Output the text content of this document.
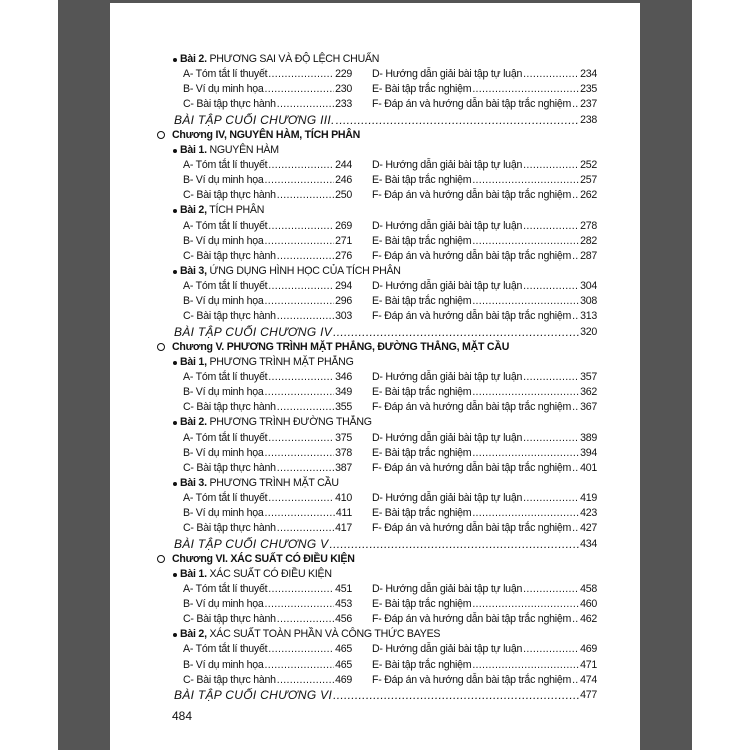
Bài 2. PHƯƠNG SAI VÀ ĐỘ LỆCH CHUẨN
A- Tóm tắt lí thuyết .....	229 D- Hướng dẫn giải bài tập tự luận .....	234
B- Ví dụ minh họa .....	230 E- Bài tập trắc nghiệm .....	235
C- Bài tập thực hành .....	233 F- Đáp án và hướng dẫn bài tập trắc nghiệm ..... 237
BÀI TẬP CUỐI CHƯƠNG III. .....	238
Chương IV, NGUYÊN HÀM, TÍCH PHÂN
Bài 1. NGUYÊN HÀM
A- Tóm tắt lí thuyết .....	244 D- Hướng dẫn giải bài tập tự luận .....	252
B- Ví dụ minh họa .....	246 E- Bài tập trắc nghiệm .....	257
C- Bài tập thực hành .....	250 F- Đáp án và hướng dẫn bài tập trắc nghiệm ..... 262
Bài 2, TÍCH PHÂN
A- Tóm tắt lí thuyết .....	269 D- Hướng dẫn giải bài tập tự luận .....	278
B- Ví dụ minh họa .....	271 E- Bài tập trắc nghiệm .....	282
C- Bài tập thực hành .....	276 F- Đáp án và hướng dẫn bài tập trắc nghiệm ..... 287
Bài 3, ỨNG DỤNG HÌNH HỌC CỦA TÍCH PHÂN
A- Tóm tắt lí thuyết .....	294 D- Hướng dẫn giải bài tập tự luận .....	304
B- Ví dụ minh họa .....	296 E- Bài tập trắc nghiệm .....	308
C- Bài tập thực hành .....	303 F- Đáp án và hướng dẫn bài tập trắc nghiệm ..... 313
BÀI TẬP CUỐI CHƯƠNG IV .....	320
Chương V. PHƯƠNG TRÌNH MẶT PHẲNG, ĐƯỜNG THẲNG, MẶT CẦU
Bài 1, PHƯƠNG TRÌNH MẶT PHẲNG
A- Tóm tắt lí thuyết .....	346 D- Hướng dẫn giải bài tập tự luận .....	357
B- Ví dụ minh họa .....	349 E- Bài tập trắc nghiệm .....	362
C- Bài tập thực hành .....	355 F- Đáp án và hướng dẫn bài tập trắc nghiệm ..... 367
Bài 2. PHƯƠNG TRÌNH ĐƯỜNG THẲNG
A- Tóm tắt lí thuyết .....	375 D- Hướng dẫn giải bài tập tự luận .....	389
B- Ví dụ minh họa .....	378 E- Bài tập trắc nghiệm .....	394
C- Bài tập thực hành .....	387 F- Đáp án và hướng dẫn bài tập trắc nghiệm ..... 401
Bài 3. PHƯƠNG TRÌNH MẶT CẦU
A- Tóm tắt lí thuyết .....	410 D- Hướng dẫn giải bài tập tự luận .....	419
B- Ví dụ minh họa .....	411 E- Bài tập trắc nghiệm .....	423
C- Bài tập thực hành .....	417 F- Đáp án và hướng dẫn bài tập trắc nghiệm ..... 427
BÀI TẬP CUỐI CHƯƠNG V .....	434
Chương VI. XÁC SUẤT CÓ ĐIỀU KIỆN
Bài 1. XÁC SUẤT CÓ ĐIỀU KIỆN
A- Tóm tắt lí thuyết .....	451 D- Hướng dẫn giải bài tập tự luận .....	458
B- Ví dụ minh họa .....	453 E- Bài tập trắc nghiệm .....	460
C- Bài tập thực hành .....	456 F- Đáp án và hướng dẫn bài tập trắc nghiệm ..... 462
Bài 2, XÁC SUẤT TOÀN PHẦN VÀ CÔNG THỨC BAYES
A- Tóm tắt lí thuyết .....	465 D- Hướng dẫn giải bài tập tự luận .....	469
B- Ví dụ minh họa .....	465 E- Bài tập trắc nghiệm .....	471
C- Bài tập thực hành .....	469 F- Đáp án và hướng dẫn bài tập trắc nghiệm ..... 474
BÀI TẬP CUỐI CHƯƠNG VI .....	477
484
